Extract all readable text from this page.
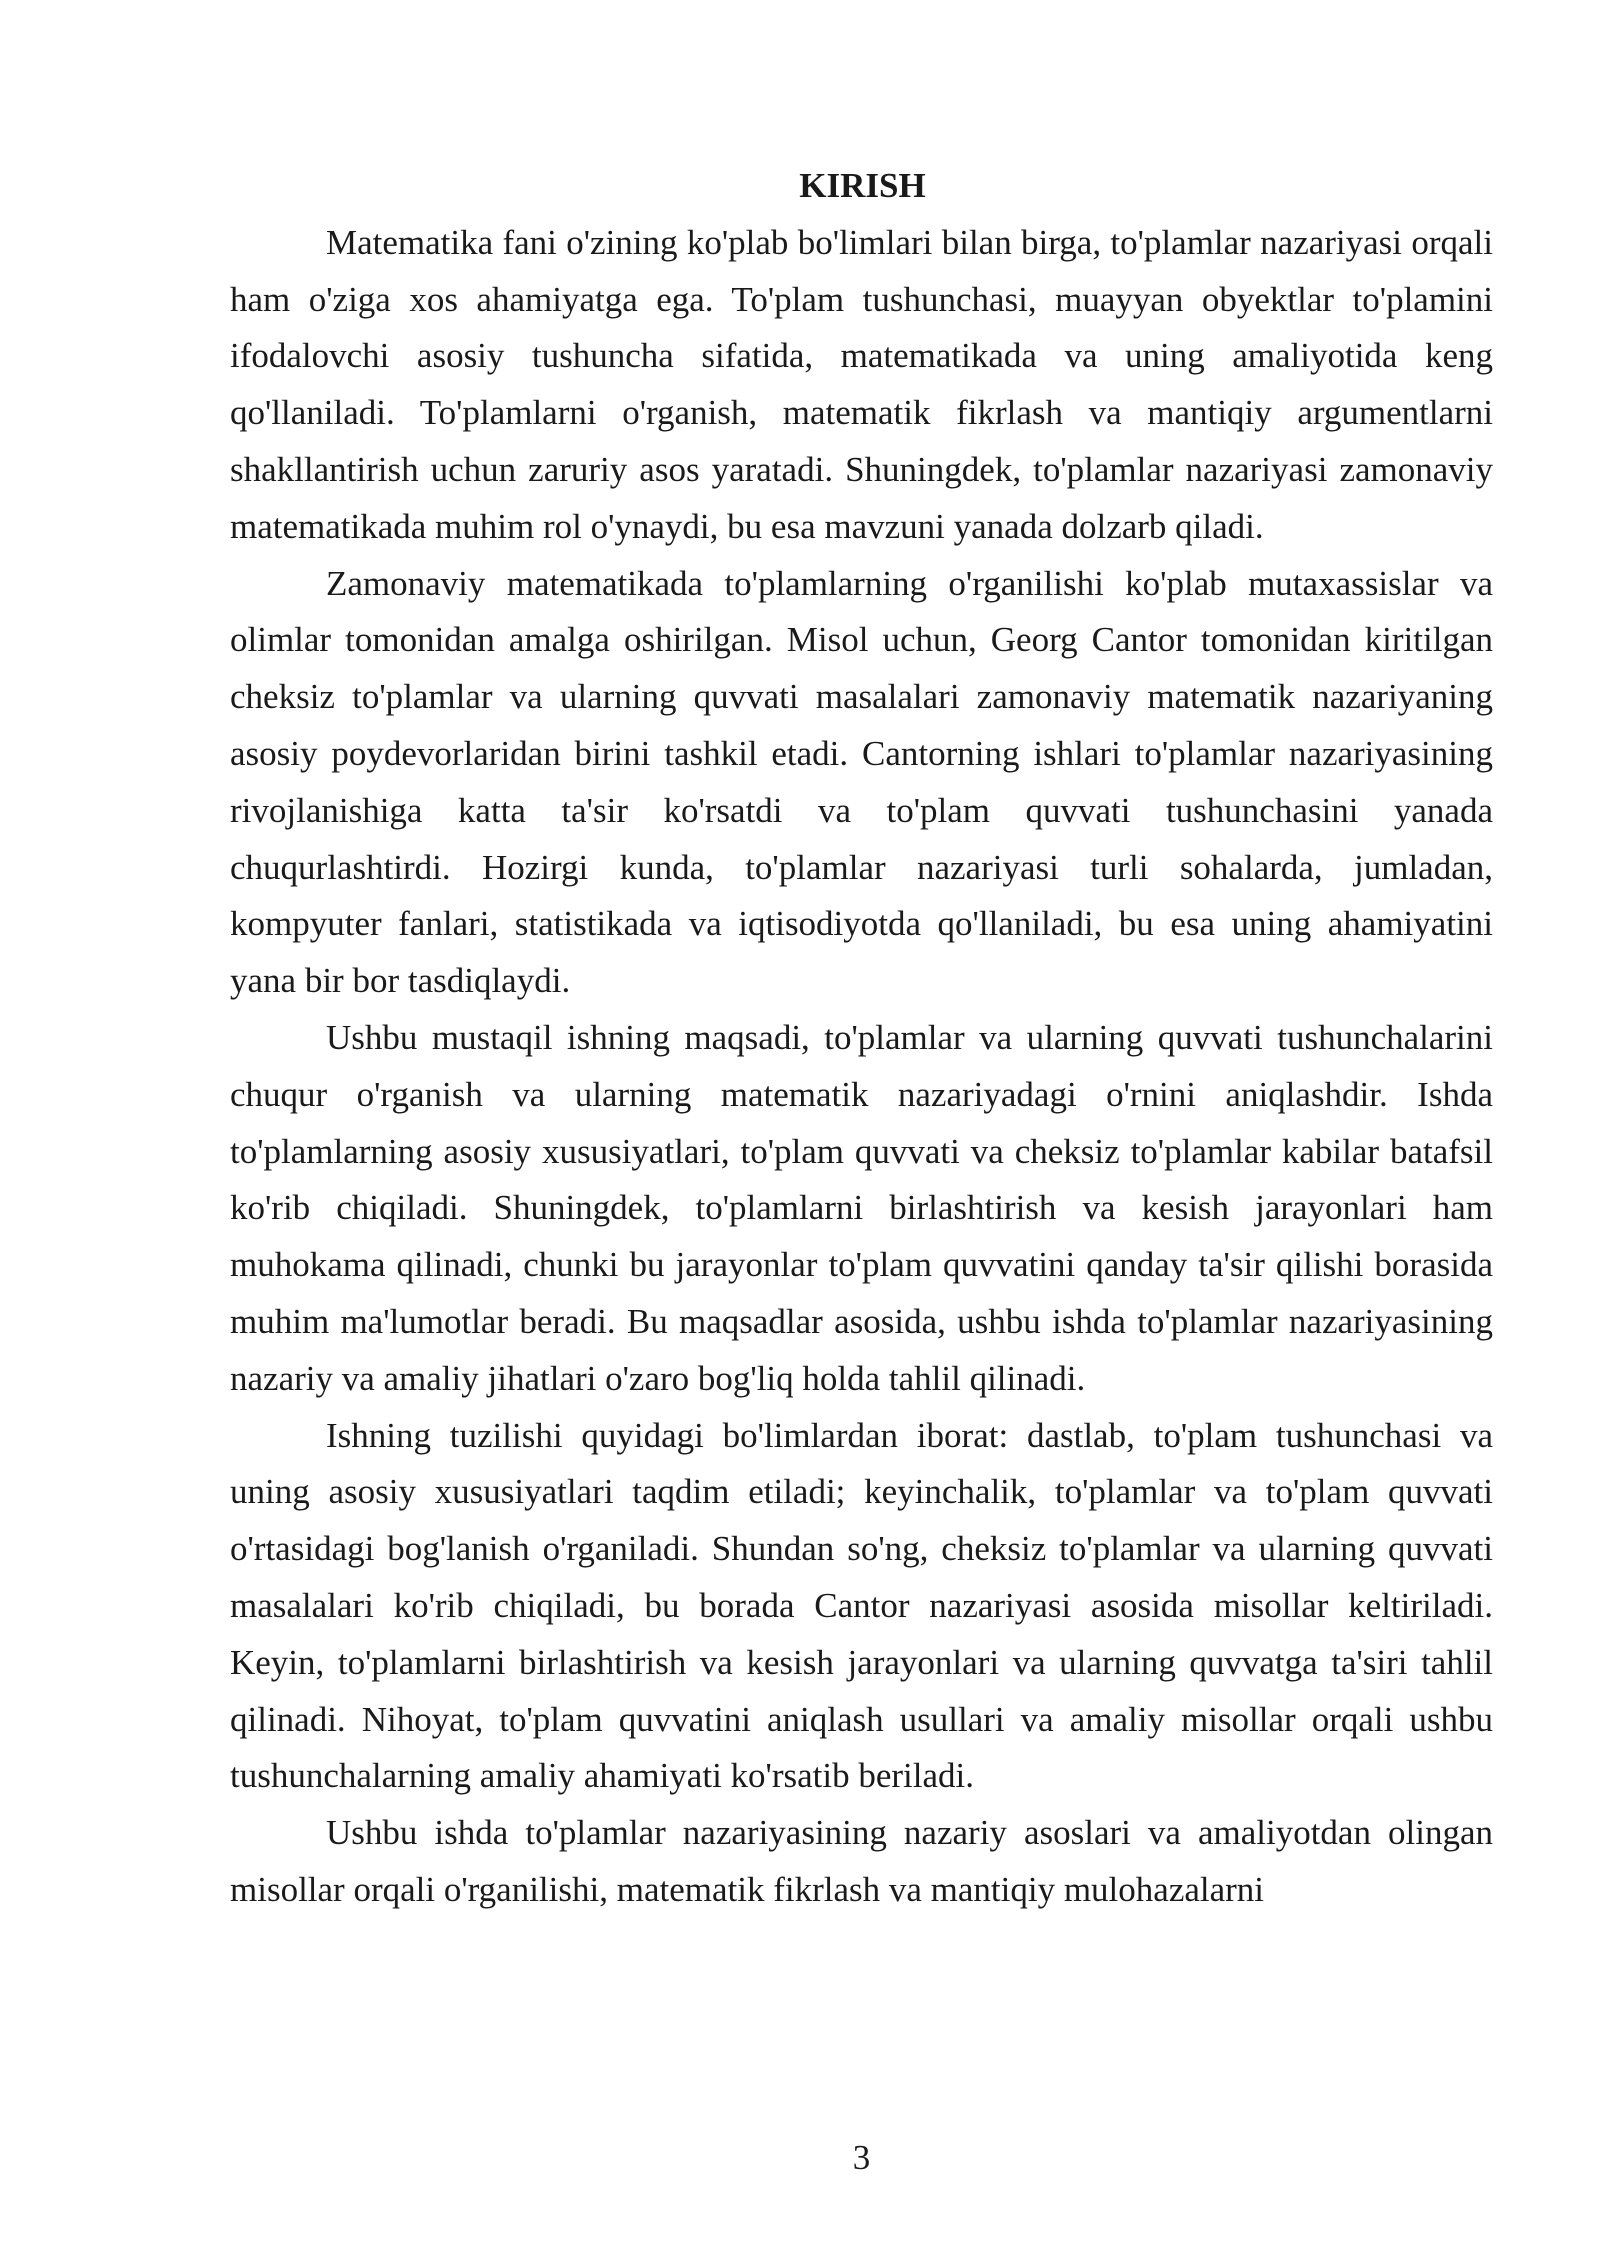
KIRISH

Matematika fani o'zining ko'plab bo'limlari bilan birga, to'plamlar nazariyasi orqali ham o'ziga xos ahamiyatga ega. To'plam tushunchasi, muayyan obyektlar to'plamini ifodalovchi asosiy tushuncha sifatida, matematikada va uning amaliyotida keng qo'llaniladi. To'plamlarni o'rganish, matematik fikrlash va mantiqiy argumentlarni shakllantirish uchun zaruriy asos yaratadi. Shuningdek, to'plamlar nazariyasi zamonaviy matematikada muhim rol o'ynaydi, bu esa mavzuni yanada dolzarb qiladi.

Zamonaviy matematikada to'plamlarning o'rganilishi ko'plab mutaxassislar va olimlar tomonidan amalga oshirilgan. Misol uchun, Georg Cantor tomonidan kiritilgan cheksiz to'plamlar va ularning quvvati masalalari zamonaviy matematik nazariyaning asosiy poydevorlaridan birini tashkil etadi. Cantorning ishlari to'plamlar nazariyasining rivojlanishiga katta ta'sir ko'rsatdi va to'plam quvvati tushunchasini yanada chuqurlashtirdi. Hozirgi kunda, to'plamlar nazariyasi turli sohalarda, jumladan, kompyuter fanlari, statistikada va iqtisodiyotda qo'llaniladi, bu esa uning ahamiyatini yana bir bor tasdiqlaydi.

Ushbu mustaqil ishning maqsadi, to'plamlar va ularning quvvati tushunchalarini chuqur o'rganish va ularning matematik nazariyadagi o'rnini aniqlashdir. Ishda to'plamlarning asosiy xususiyatlari, to'plam quvvati va cheksiz to'plamlar kabilar batafsil ko'rib chiqiladi. Shuningdek, to'plamlarni birlashtirish va kesish jarayonlari ham muhokama qilinadi, chunki bu jarayonlar to'plam quvvatini qanday ta'sir qilishi borasida muhim ma'lumotlar beradi. Bu maqsadlar asosida, ushbu ishda to'plamlar nazariyasining nazariy va amaliy jihatlari o'zaro bog'liq holda tahlil qilinadi.

Ishning tuzilishi quyidagi bo'limlardan iborat: dastlab, to'plam tushunchasi va uning asosiy xususiyatlari taqdim etiladi; keyinchalik, to'plamlar va to'plam quvvati o'rtasidagi bog'lanish o'rganiladi. Shundan so'ng, cheksiz to'plamlar va ularning quvvati masalalari ko'rib chiqiladi, bu borada Cantor nazariyasi asosida misollar keltiriladi. Keyin, to'plamlarni birlashtirish va kesish jarayonlari va ularning quvvatga ta'siri tahlil qilinadi. Nihoyat, to'plam quvvatini aniqlash usullari va amaliy misollar orqali ushbu tushunchalarning amaliy ahamiyati ko'rsatib beriladi.

Ushbu ishda to'plamlar nazariyasining nazariy asoslari va amaliyotdan olingan misollar orqali o'rganilishi, matematik fikrlash va mantiqiy mulohazalarni

3
